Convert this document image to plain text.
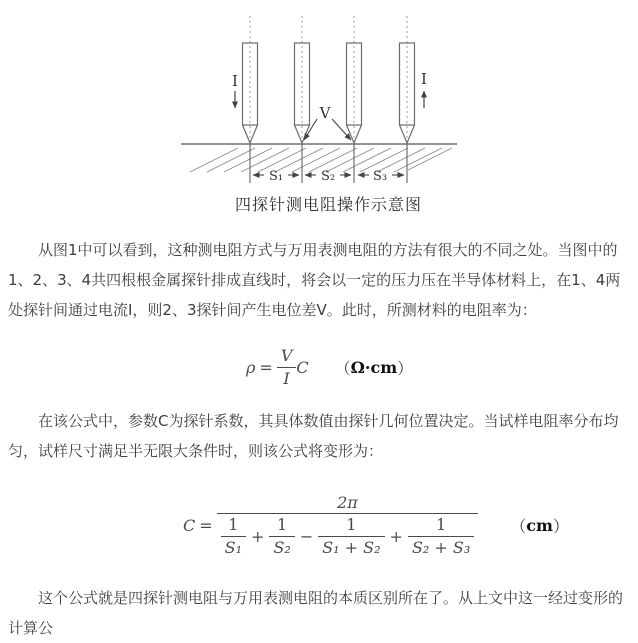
I	I
V
S₁	S₂	S₃
四探针测电阻操作示意图

从图1中可以看到，这种测电阻方式与万用表测电阻的方法有很大的不同之处。当图中的1、2、3、4共四根根金属探针排成直线时，将会以一定的压力压在半导体材料上，在1、4两处探针间通过电流I，则2、3探针间产生电位差V。此时，所测材料的电阻率为：

$\rho = \frac{V}{I}$ C （ Ω·cm ）

在该公式中，参数C为探针系数，其具体数值由探针几何位置决定。当试样电阻率分布均匀，试样尺寸满足半无限大条件时，则该公式将变形为：

C =
2π
$\frac{1}{\text{S₁}} + \frac{1}{\text{S₂}} - \frac{1}{\text{S₁ + S₂}} + \frac{1}{\text{S₂ + S₃}}$ （ cm ）

这个公式就是四探针测电阻与万用表测电阻的本质区别所在了。从上文中这一经过变形的计算公
